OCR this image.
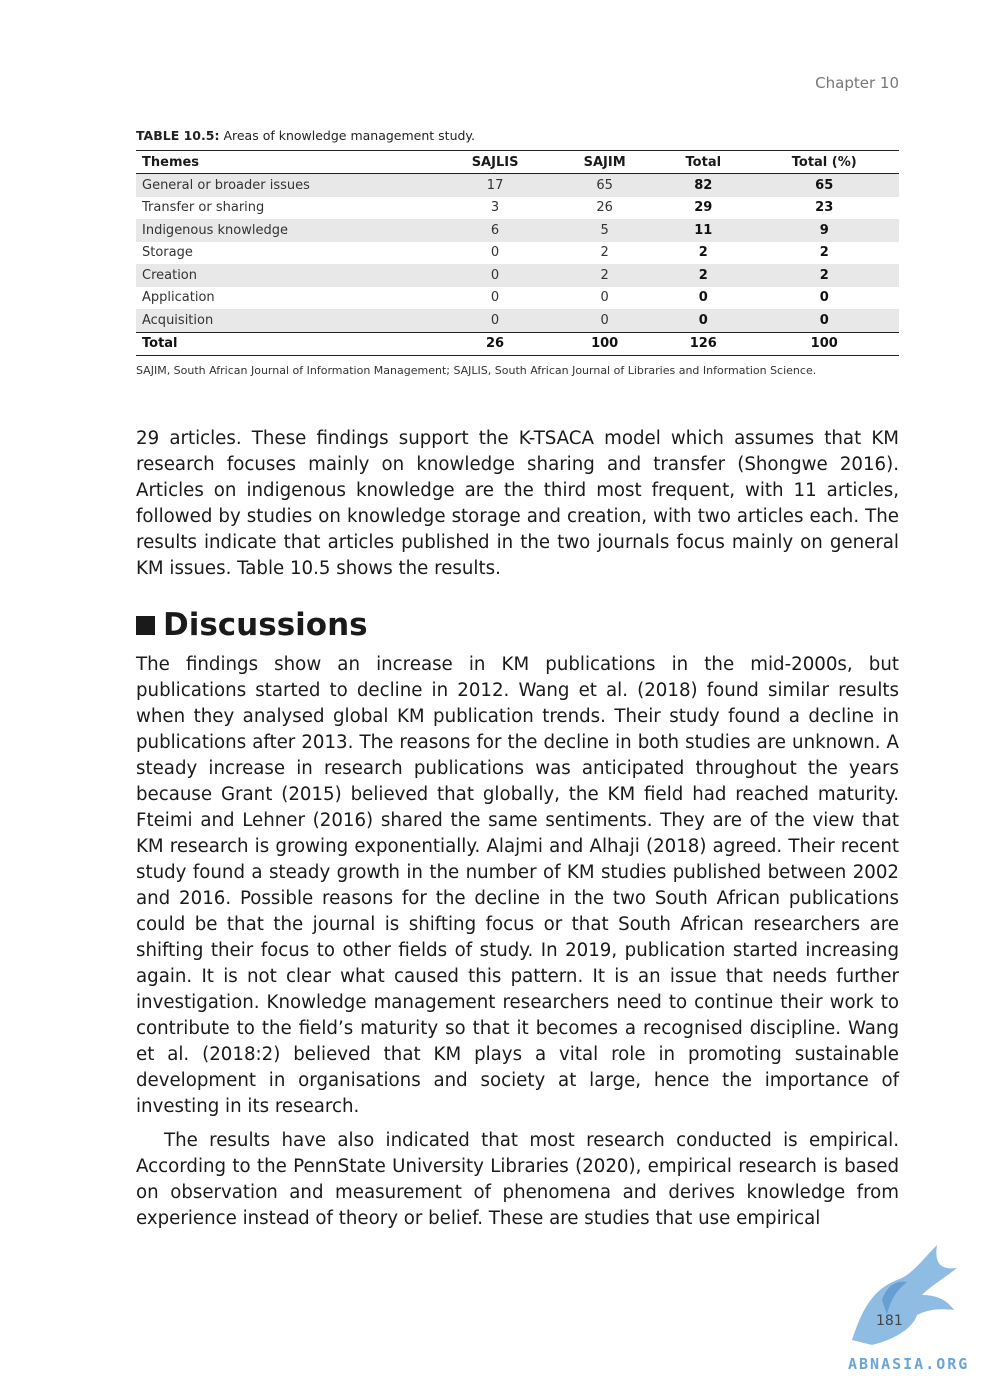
Chapter 10
TABLE 10.5: Areas of knowledge management study.
Themes	SAJLIS	SAJIM	Total	Total (%)
General or broader issues	17	65	82	65
Transfer or sharing	3	26	29	23
Indigenous knowledge	6	5	11	9
Storage	0	2	2	2
Creation	0	2	2	2
Application	0	0	0	0
Acquisition	0	0	0	0
Total	26	100	126	100
SAJIM, South African Journal of Information Management; SAJLIS, South African Journal of Libraries and Information Science.

29 articles. These findings support the K-TSACA model which assumes that KM research focuses mainly on knowledge sharing and transfer (Shongwe 2016). Articles on indigenous knowledge are the third most frequent, with 11 articles, followed by studies on knowledge storage and creation, with two articles each. The results indicate that articles published in the two journals focus mainly on general KM issues. Table 10.5 shows the results.

Discussions

The findings show an increase in KM publications in the mid-2000s, but publications started to decline in 2012. Wang et al. (2018) found similar results when they analysed global KM publication trends. Their study found a decline in publications after 2013. The reasons for the decline in both studies are unknown. A steady increase in research publications was anticipated throughout the years because Grant (2015) believed that globally, the KM field had reached maturity. Fteimi and Lehner (2016) shared the same sentiments. They are of the view that KM research is growing exponentially. Alajmi and Alhaji (2018) agreed. Their recent study found a steady growth in the number of KM studies published between 2002 and 2016. Possible reasons for the decline in the two South African publications could be that the journal is shifting focus or that South African researchers are shifting their focus to other fields of study. In 2019, publication started increasing again. It is not clear what caused this pattern. It is an issue that needs further investigation. Knowledge management researchers need to continue their work to contribute to the field’s maturity so that it becomes a recognised discipline. Wang et al. (2018:2) believed that KM plays a vital role in promoting sustainable development in organisations and society at large, hence the importance of investing in its research.

The results have also indicated that most research conducted is empirical. According to the PennState University Libraries (2020), empirical research is based on observation and measurement of phenomena and derives knowledge from experience instead of theory or belief. These are studies that use empirical

181
ABNASIA.ORG
